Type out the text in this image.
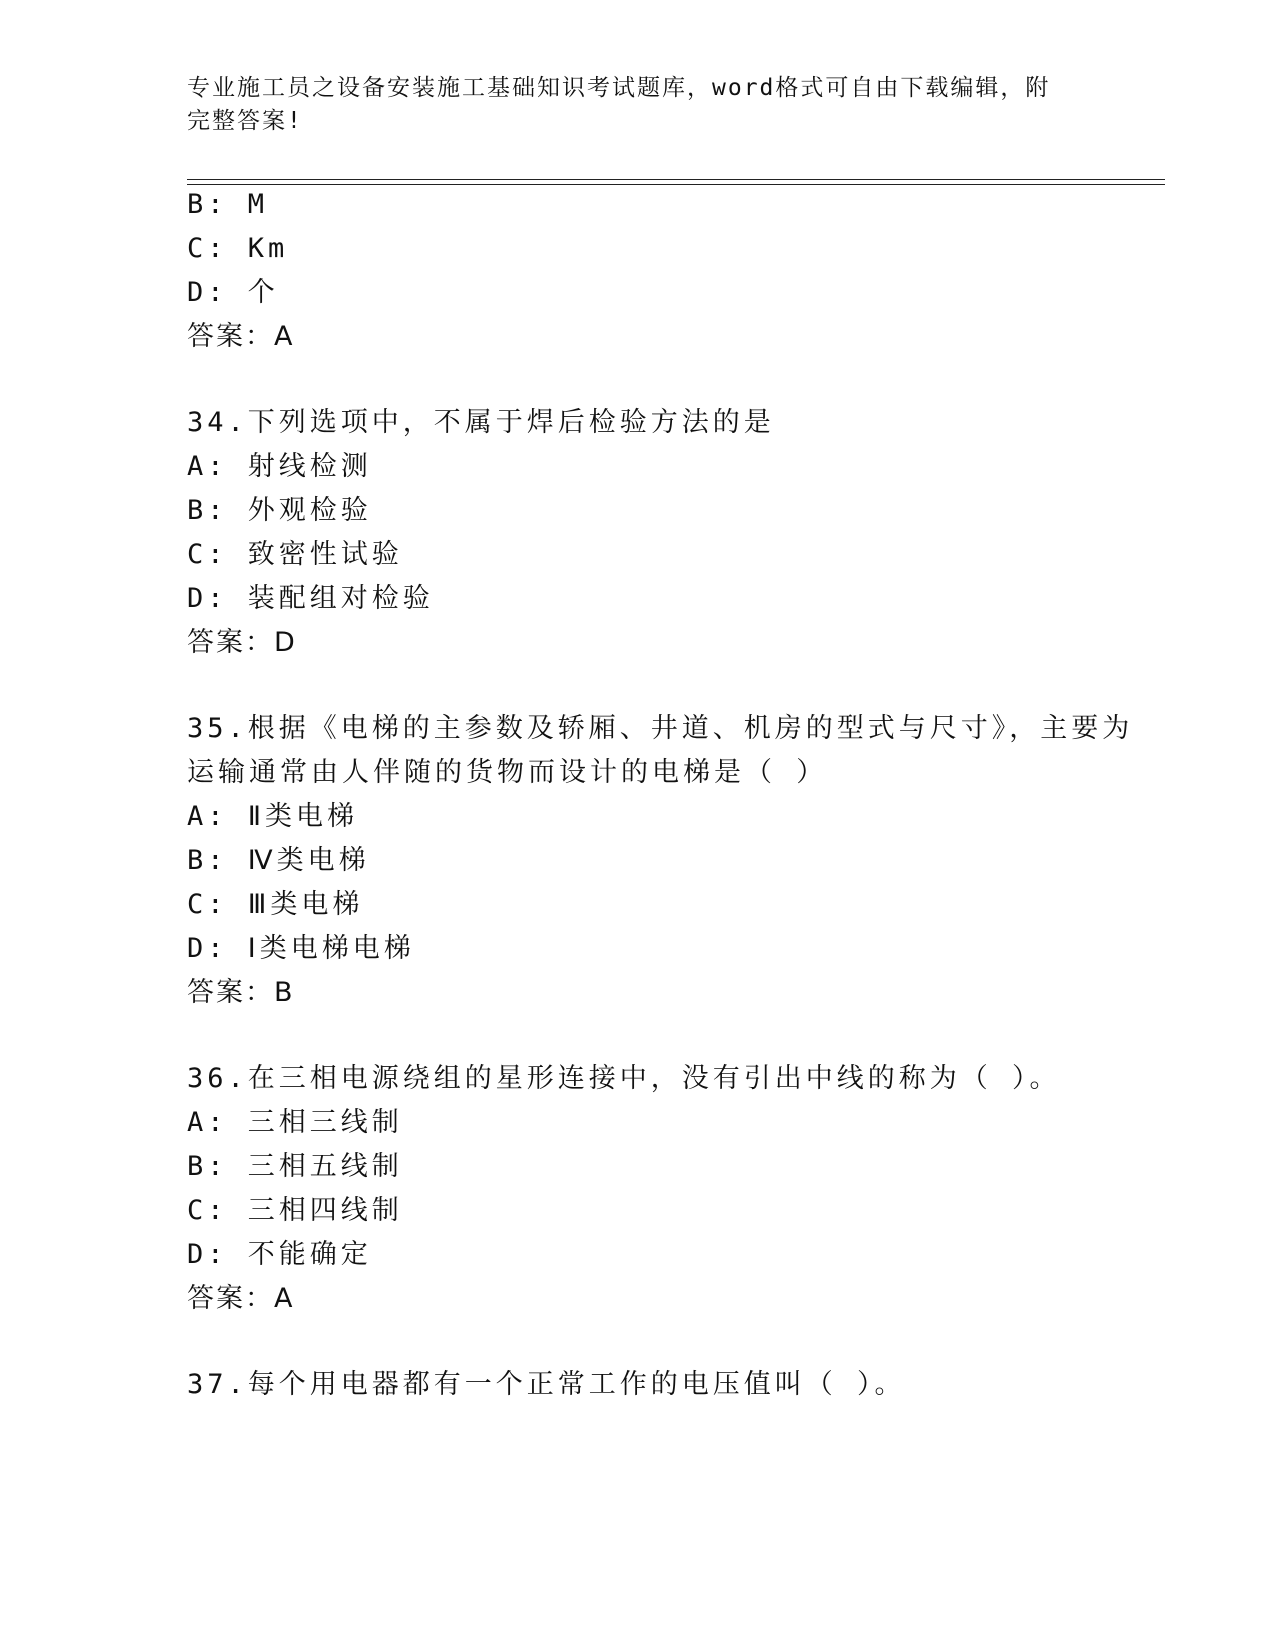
专业施工员之设备安装施工基础知识考试题库，word格式可自由下载编辑，附完整答案!
B: M
C: Km
D: 个
答案：A
34.下列选项中，不属于焊后检验方法的是
A: 射线检测
B: 外观检验
C: 致密性试验
D: 装配组对检验
答案：D
35.根据《电梯的主参数及轿厢、井道、机房的型式与尺寸》，主要为
运输通常由人伴随的货物而设计的电梯是（ ）
A: Ⅱ类电梯
B: Ⅳ类电梯
C: Ⅲ类电梯
D: Ⅰ类电梯电梯
答案：B
36.在三相电源绕组的星形连接中，没有引出中线的称为（ ）。
A: 三相三线制
B: 三相五线制
C: 三相四线制
D: 不能确定
答案：A
37.每个用电器都有一个正常工作的电压值叫（ ）。
